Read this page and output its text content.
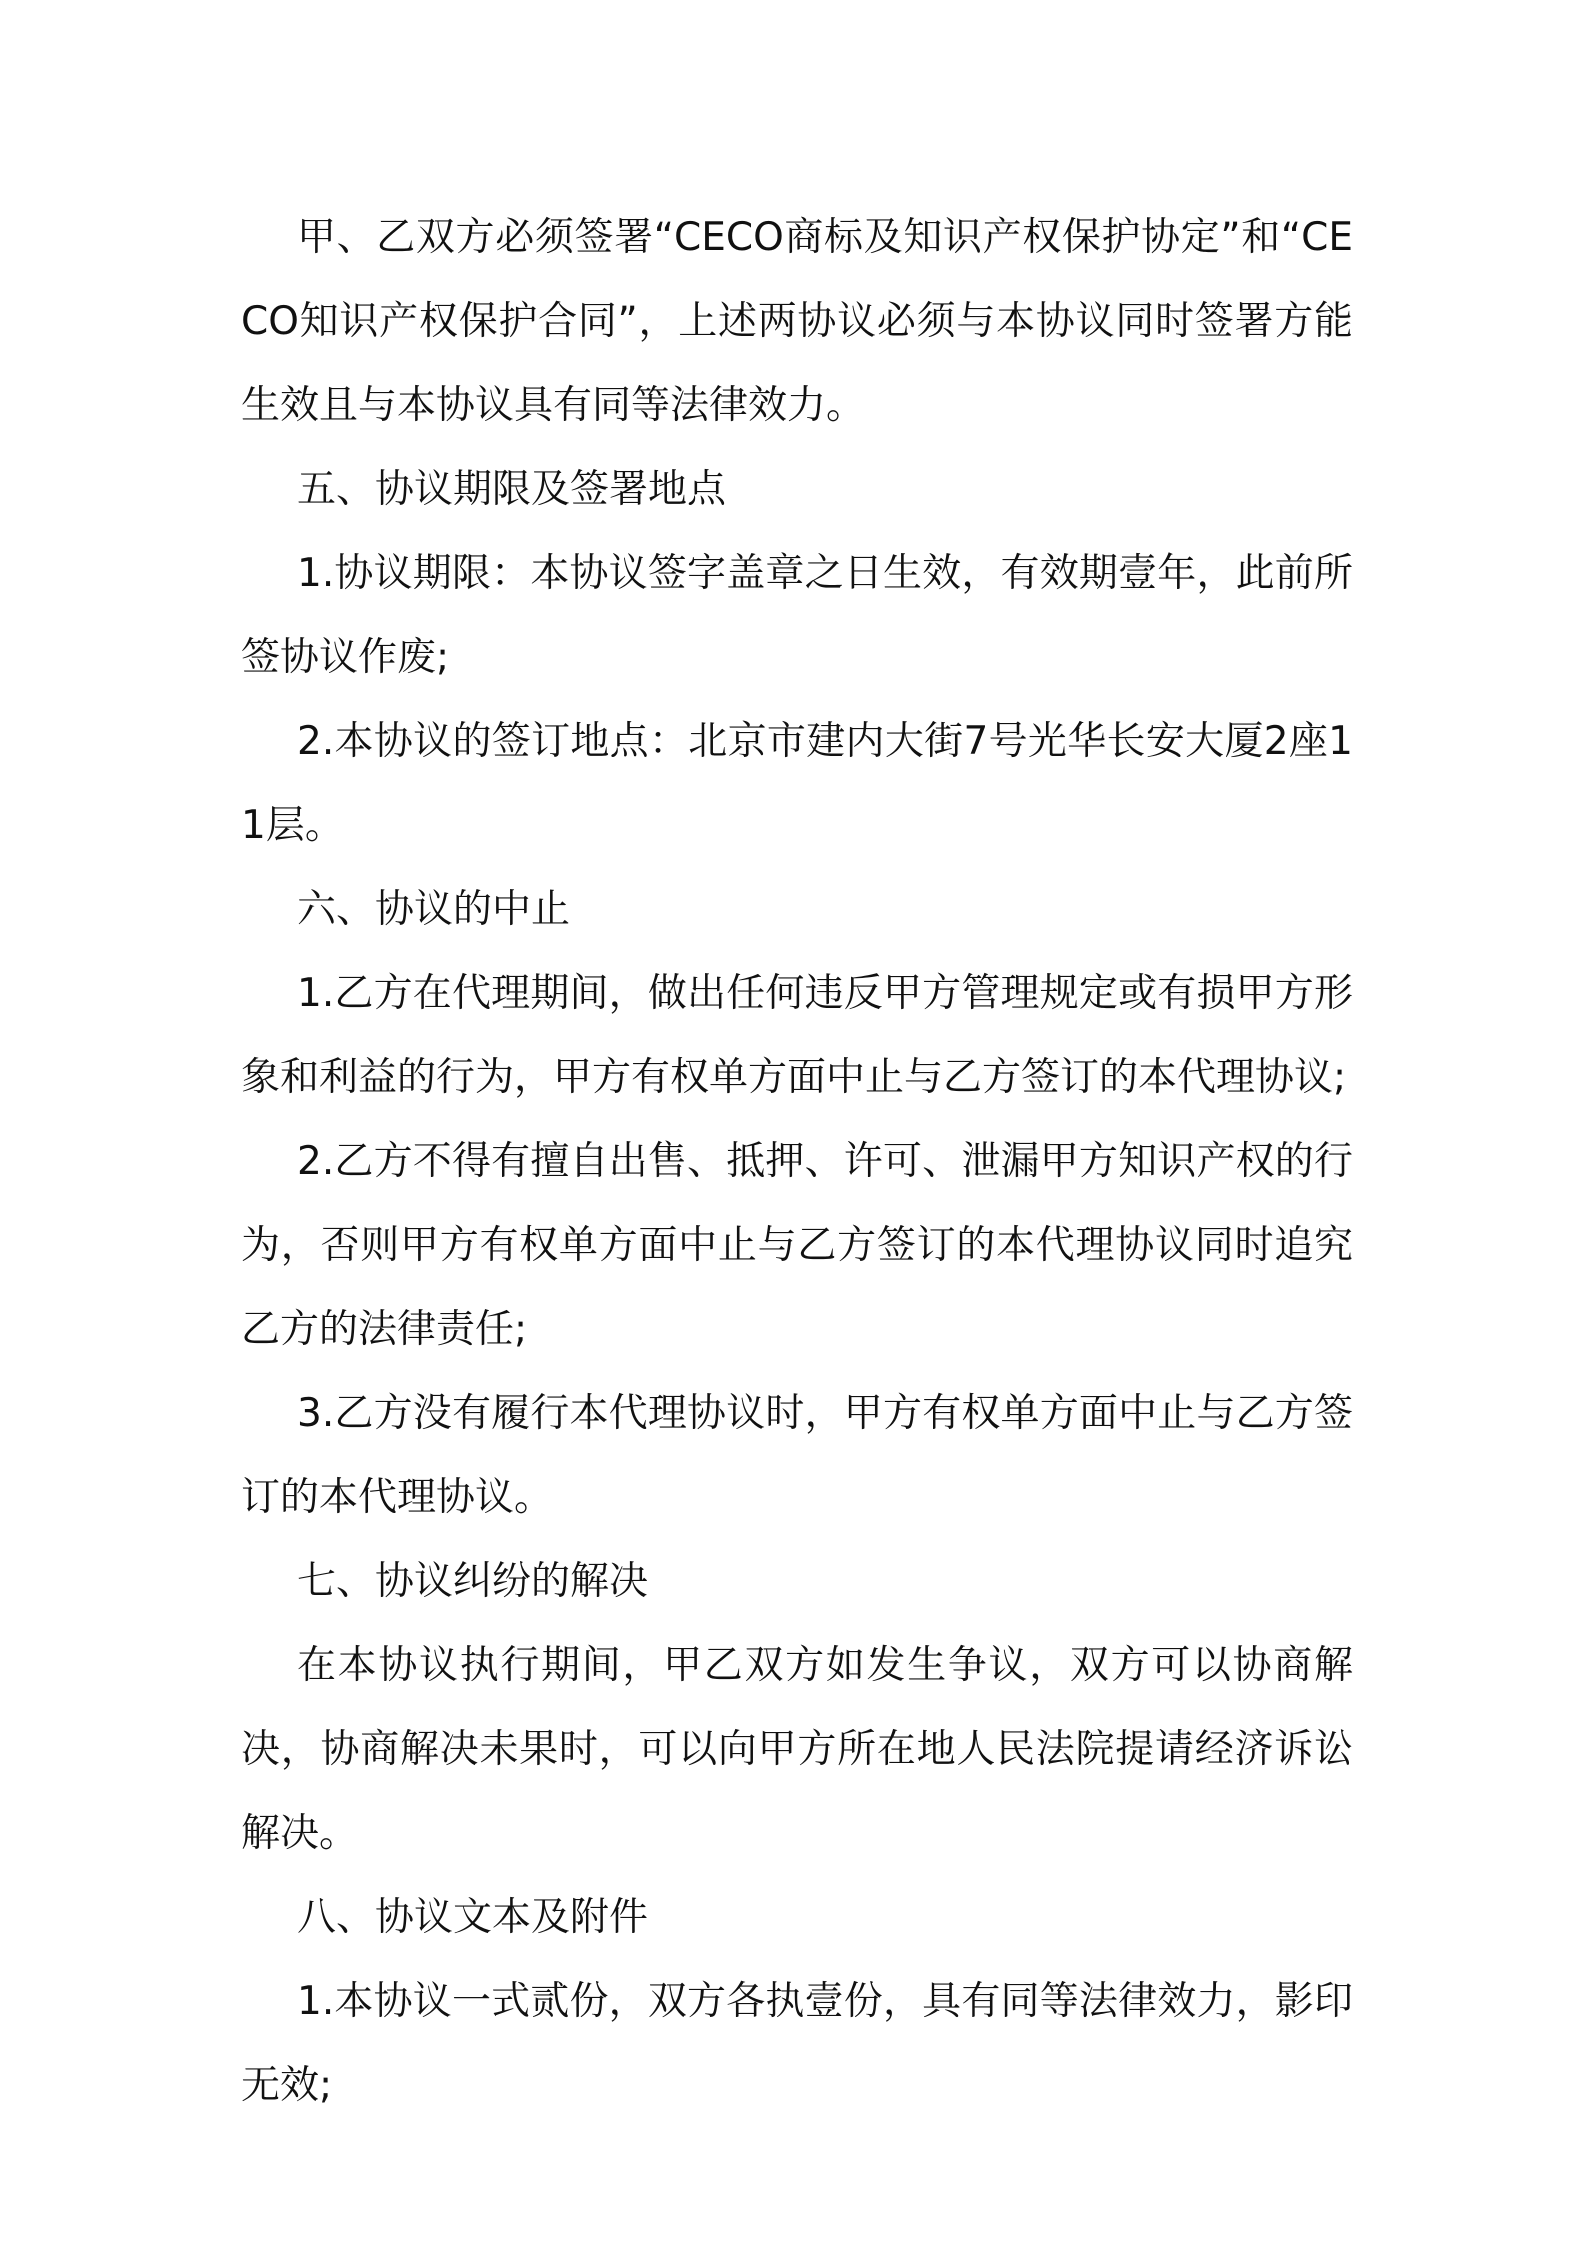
甲、乙双方必须签署“CECO商标及知识产权保护协定”和“CECO知识产权保护合同”，上述两协议必须与本协议同时签署方能生效且与本协议具有同等法律效力。

五、协议期限及签署地点

1.协议期限：本协议签字盖章之日生效，有效期壹年，此前所签协议作废;

2.本协议的签订地点：北京市建内大街7号光华长安大厦2座11层。

六、协议的中止

1.乙方在代理期间，做出任何违反甲方管理规定或有损甲方形象和利益的行为，甲方有权单方面中止与乙方签订的本代理协议;

2.乙方不得有擅自出售、抵押、许可、泄漏甲方知识产权的行为，否则甲方有权单方面中止与乙方签订的本代理协议同时追究乙方的法律责任;

3.乙方没有履行本代理协议时，甲方有权单方面中止与乙方签订的本代理协议。

七、协议纠纷的解决

在本协议执行期间，甲乙双方如发生争议，双方可以协商解决，协商解决未果时，可以向甲方所在地人民法院提请经济诉讼解决。

八、协议文本及附件

1.本协议一式贰份，双方各执壹份，具有同等法律效力，影印无效;
